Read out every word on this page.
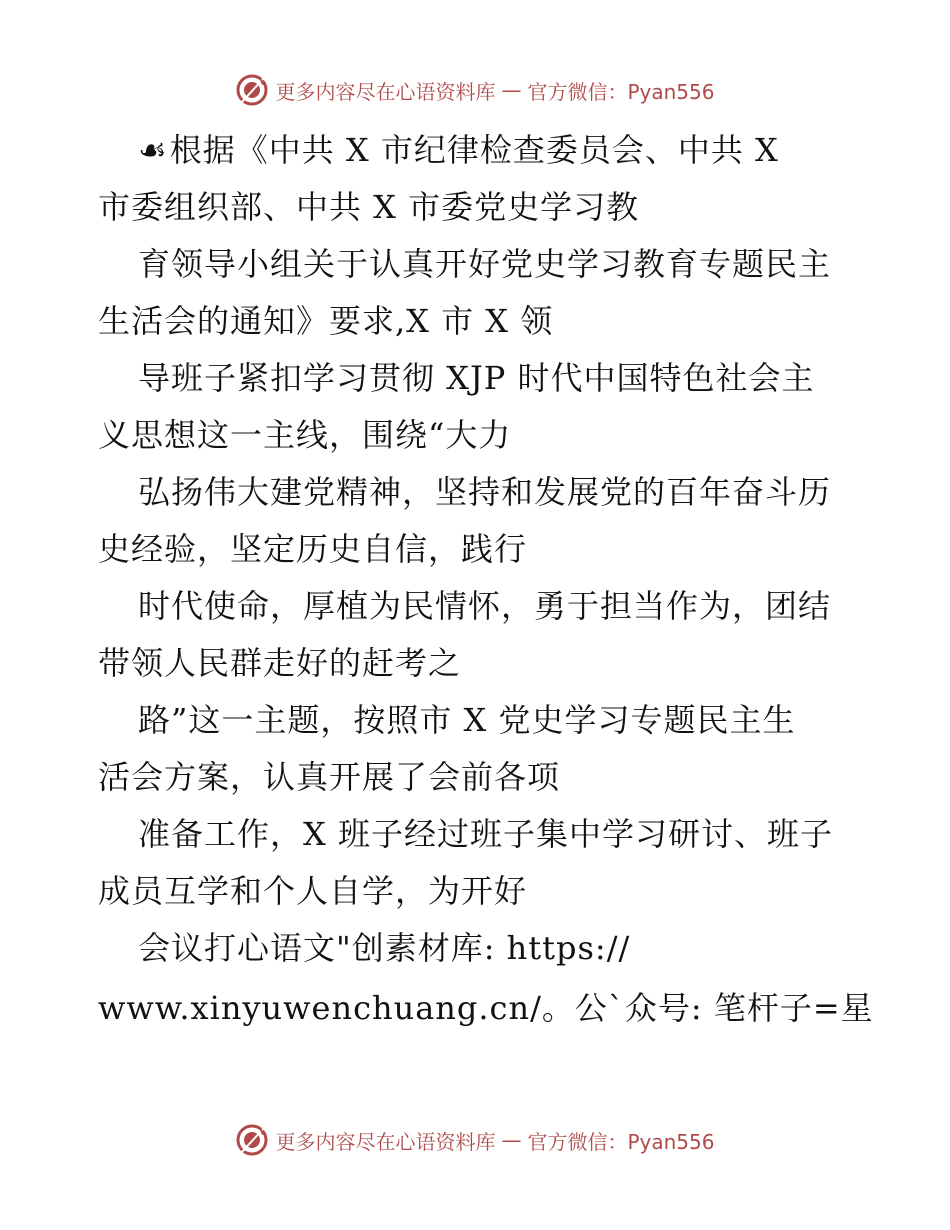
更多内容尽在心语资料库 — 官方微信：Pyan556
☙根据《中共 X 市纪律检查委员会、中共 X
市委组织部、中共 X 市委党史学习教
育领导小组关于认真开好党史学习教育专题民主
生活会的通知》要求,X 市 X 领
导班子紧扣学习贯彻 XJP 时代中国特色社会主
义思想这一主线，围绕“大力
弘扬伟大建党精神，坚持和发展党的百年奋斗历
史经验，坚定历史自信，践行
时代使命，厚植为民情怀，勇于担当作为，团结
带领人民群走好的赶考之
路”这一主题，按照市 X 党史学习专题民主生
活会方案，认真开展了会前各项
准备工作，X 班子经过班子集中学习研讨、班子
成员互学和个人自学，为开好
会议打心语文"创素材库: https://
www.xinyuwenchuang.cn/。公`众号: 笔杆子=星
更多内容尽在心语资料库 — 官方微信：Pyan556
